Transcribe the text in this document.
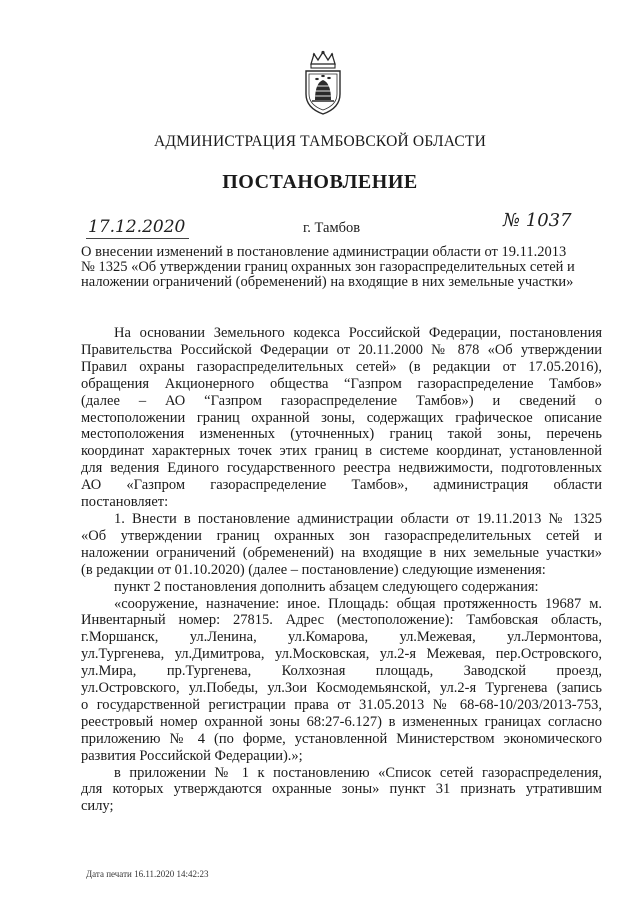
АДМИНИСТРАЦИЯ ТАМБОВСКОЙ ОБЛАСТИ
ПОСТАНОВЛЕНИЕ
17.12.2020	г. Тамбов	№ 1037
О внесении изменений в постановление администрации области от 19.11.2013
№ 1325 «Об утверждении границ охранных зон газораспределительных сетей и
наложении ограничений (обременений) на входящие в них земельные участки»
На основании Земельного кодекса Российской Федерации, постановления
Правительства Российской Федерации от 20.11.2000 № 878 «Об утверждении
Правил охраны газораспределительных сетей» (в редакции от 17.05.2016),
обращения Акционерного общества “Газпром газораспределение Тамбов»
(далее – АО “Газпром газораспределение Тамбов») и сведений о
местоположении границ охранной зоны, содержащих графическое описание
местоположения измененных (уточненных) границ такой зоны, перечень
координат характерных точек этих границ в системе координат, установленной
для ведения Единого государственного реестра недвижимости, подготовленных
АО «Газпром газораспределение Тамбов», администрация области
постановляет:
1. Внести в постановление администрации области от 19.11.2013 № 1325
«Об утверждении границ охранных зон газораспределительных сетей и
наложении ограничений (обременений) на входящие в них земельные участки»
(в редакции от 01.10.2020) (далее – постановление) следующие изменения:
пункт 2 постановления дополнить абзацем следующего содержания:
«сооружение, назначение: иное. Площадь: общая протяженность 19687 м.
Инвентарный номер: 27815. Адрес (местоположение): Тамбовская область,
г.Моршанск, ул.Ленина, ул.Комарова, ул.Межевая, ул.Лермонтова,
ул.Тургенева, ул.Димитрова, ул.Московская, ул.2-я Межевая, пер.Островского,
ул.Мира, пр.Тургенева, Колхозная площадь, Заводской проезд,
ул.Островского, ул.Победы, ул.Зои Космодемьянской, ул.2-я Тургенева (запись
о государственной регистрации права от 31.05.2013 № 68-68-10/203/2013-753,
реестровый номер охранной зоны 68:27-6.127) в измененных границах согласно
приложению № 4 (по форме, установленной Министерством экономического
развития Российской Федерации).»;
в приложении № 1 к постановлению «Список сетей газораспределения,
для которых утверждаются охранные зоны» пункт 31 признать утратившим
силу;
Дата печати 16.11.2020 14:42:23
